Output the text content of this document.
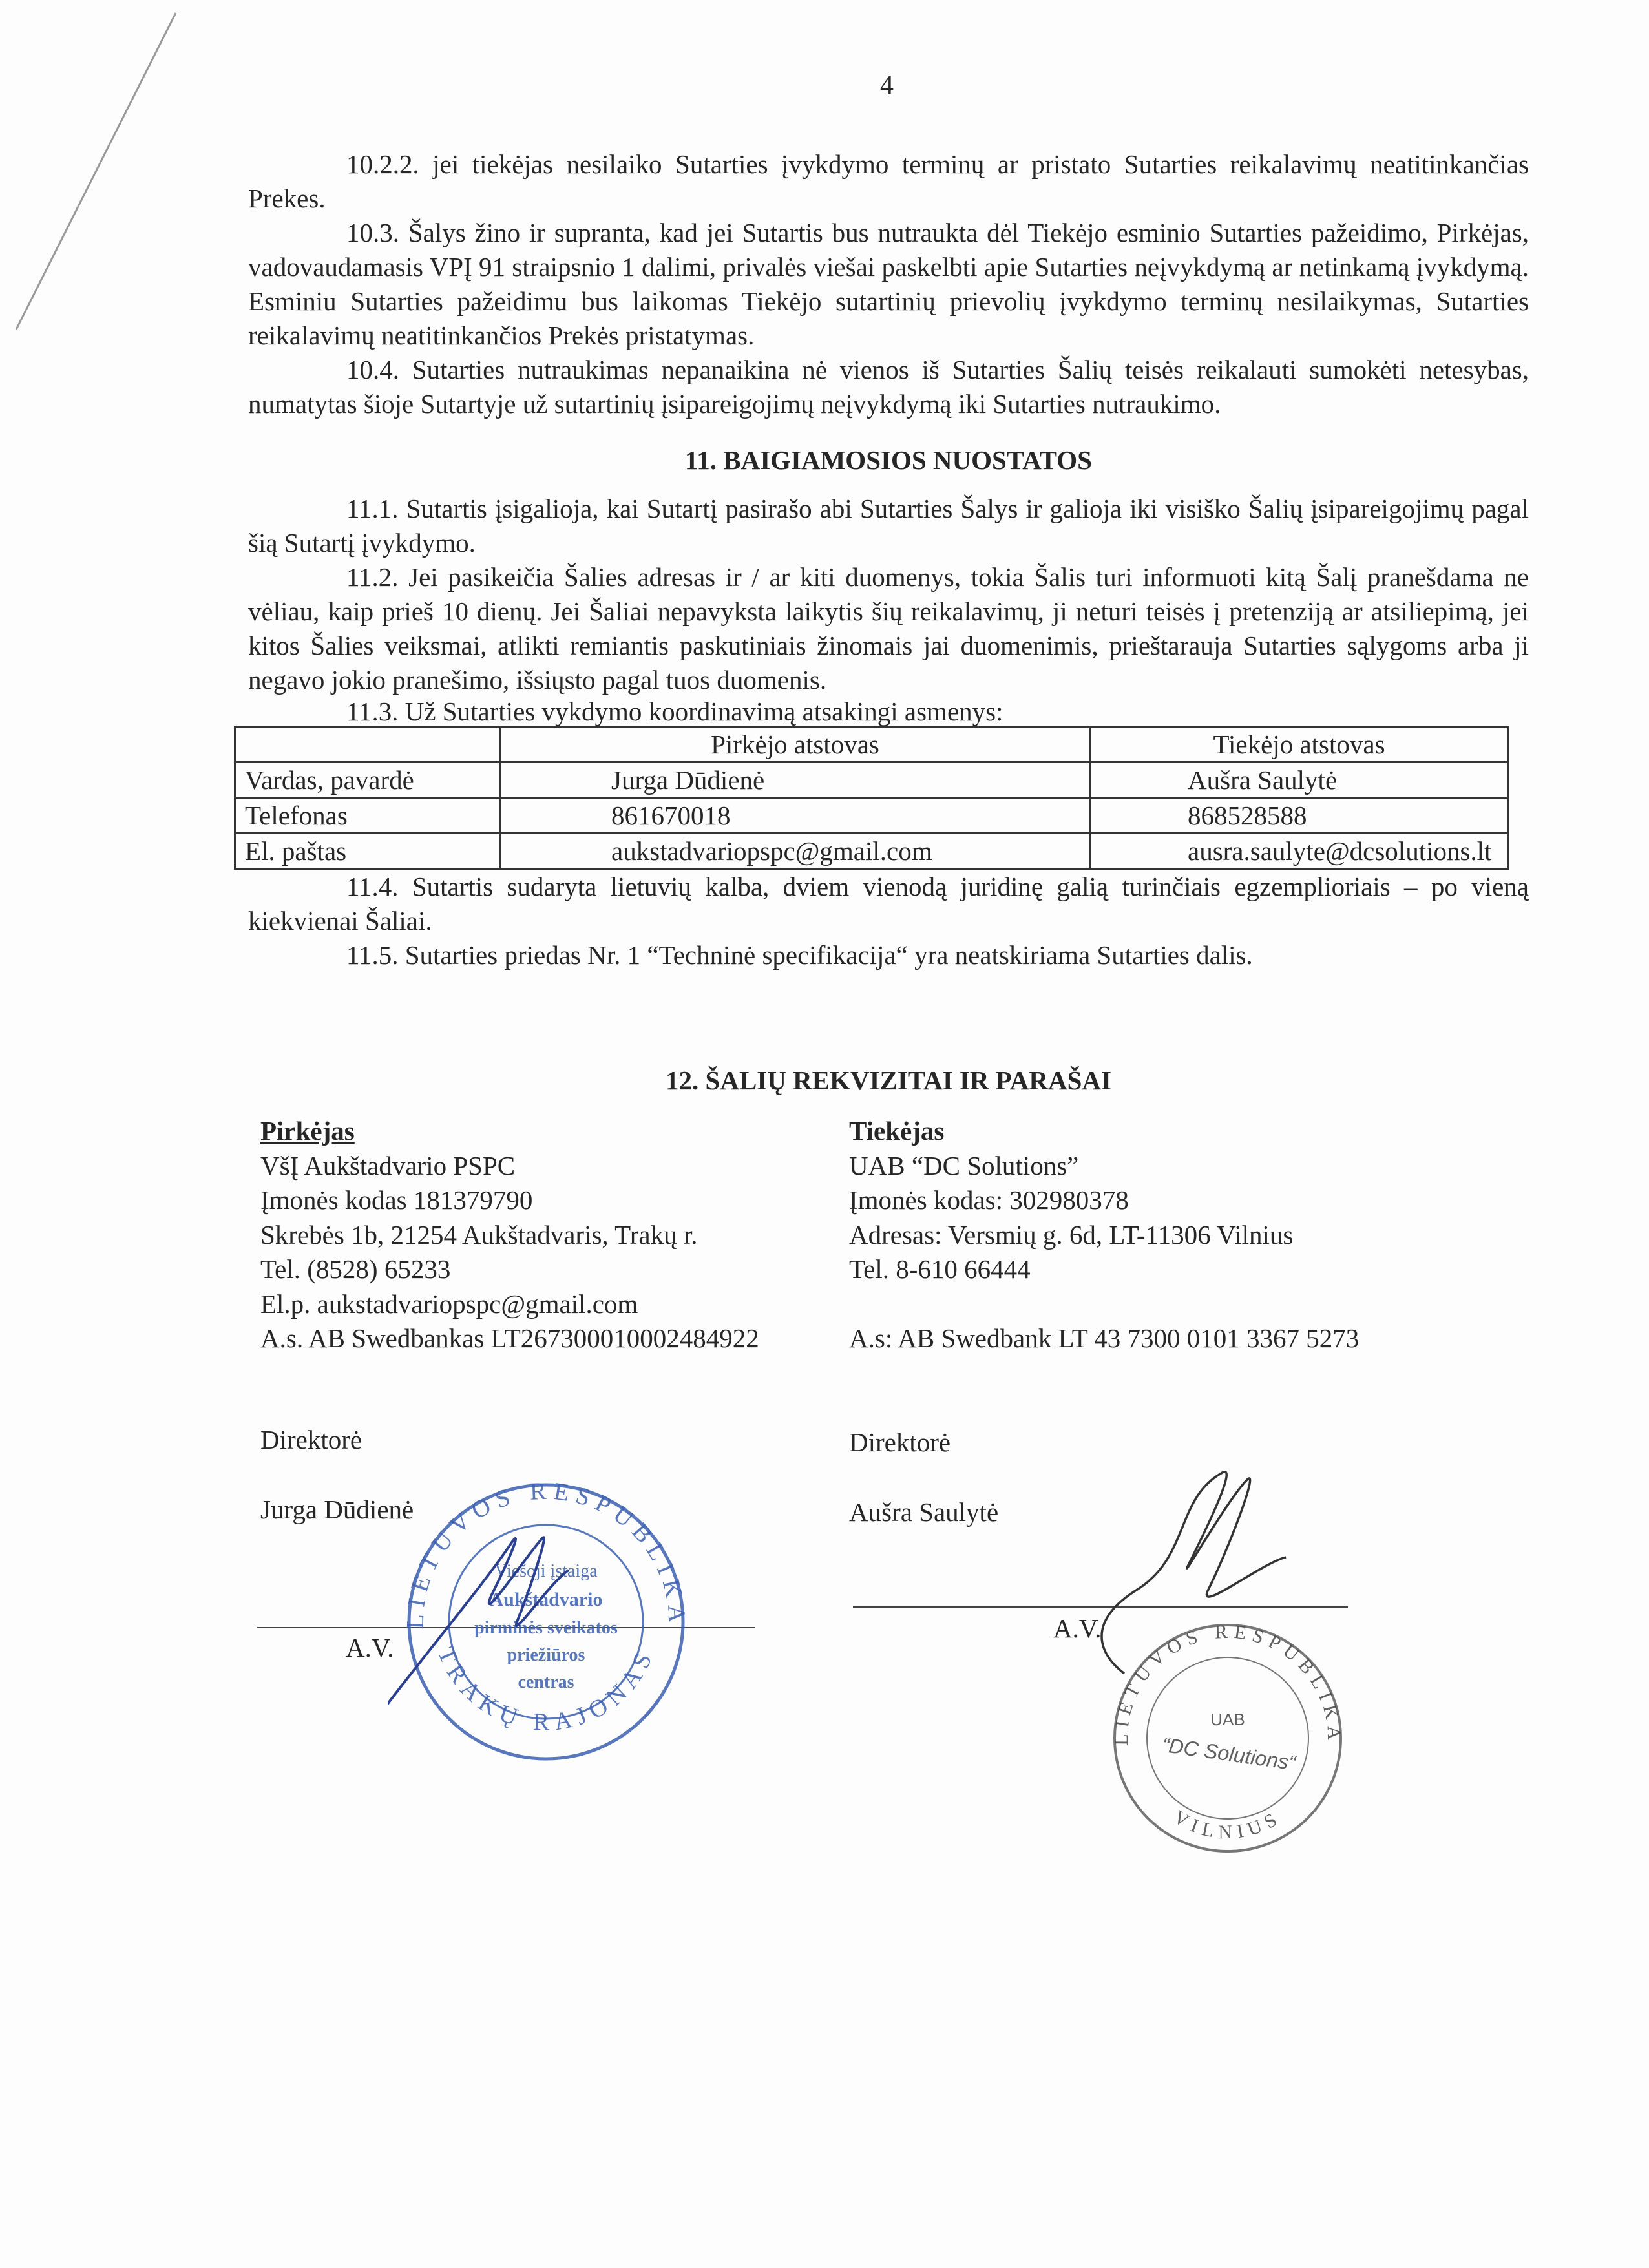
4

10.2.2. jei tiekėjas nesilaiko Sutarties įvykdymo terminų ar pristato Sutarties reikalavimų neatitinkančias Prekes.

10.3. Šalys žino ir supranta, kad jei Sutartis bus nutraukta dėl Tiekėjo esminio Sutarties pažeidimo, Pirkėjas, vadovaudamasis VPĮ 91 straipsnio 1 dalimi, privalės viešai paskelbti apie Sutarties neįvykdymą ar netinkamą įvykdymą. Esminiu Sutarties pažeidimu bus laikomas Tiekėjo sutartinių prievolių įvykdymo terminų nesilaikymas, Sutarties reikalavimų neatitinkančios Prekės pristatymas.

10.4. Sutarties nutraukimas nepanaikina nė vienos iš Sutarties Šalių teisės reikalauti sumokėti netesybas, numatytas šioje Sutartyje už sutartinių įsipareigojimų neįvykdymą iki Sutarties nutraukimo.

11. BAIGIAMOSIOS NUOSTATOS

11.1. Sutartis įsigalioja, kai Sutartį pasirašo abi Sutarties Šalys ir galioja iki visiško Šalių įsipareigojimų pagal šią Sutartį įvykdymo.

11.2. Jei pasikeičia Šalies adresas ir / ar kiti duomenys, tokia Šalis turi informuoti kitą Šalį pranešdama ne vėliau, kaip prieš 10 dienų. Jei Šaliai nepavyksta laikytis šių reikalavimų, ji neturi teisės į pretenziją ar atsiliepimą, jei kitos Šalies veiksmai, atlikti remiantis paskutiniais žinomais jai duomenimis, prieštarauja Sutarties sąlygoms arba ji negavo jokio pranešimo, išsiųsto pagal tuos duomenis.

11.3. Už Sutarties vykdymo koordinavimą atsakingi asmenys:

	Pirkėjo atstovas	Tiekėjo atstovas
Vardas, pavardė	Jurga Dūdienė	Aušra Saulytė
Telefonas	861670018	868528588
El. paštas	aukstadvariopspc@gmail.com	ausra.saulyte@dcsolutions.lt

11.4. Sutartis sudaryta lietuvių kalba, dviem vienodą juridinę galią turinčiais egzemplioriais – po vieną kiekvienai Šaliai.

11.5. Sutarties priedas Nr. 1 “Techninė specifikacija“ yra neatskiriama Sutarties dalis.

12. ŠALIŲ REKVIZITAI IR PARAŠAI
Pirkėjas
VšĮ Aukštadvario PSPC
Įmonės kodas 181379790
Skrebės 1b, 21254 Aukštadvaris, Trakų r.
Tel. (8528) 65233
El.p. aukstadvariopspc@gmail.com
A.s. AB Swedbankas LT267300010002484922
Tiekėjas
UAB “DC Solutions”
Įmonės kodas: 302980378
Adresas: Versmių g. 6d, LT-11306 Vilnius
Tel. 8-610 66444
A.s: AB Swedbank LT 43 7300 0101 3367 5273
Direktorė	Direktorė
Jurga Dūdienė	Aušra Saulytė
A.V.
A.V.
LIETUVOS RESPUBLIKA
TRAKŲ RAJONAS
Viešoji įstaiga
Aukštadvario
pirminės sveikatos
priežiūros
centras
LIETUVOS RESPUBLIKA
VILNIUS
UAB
“DC Solutions“
